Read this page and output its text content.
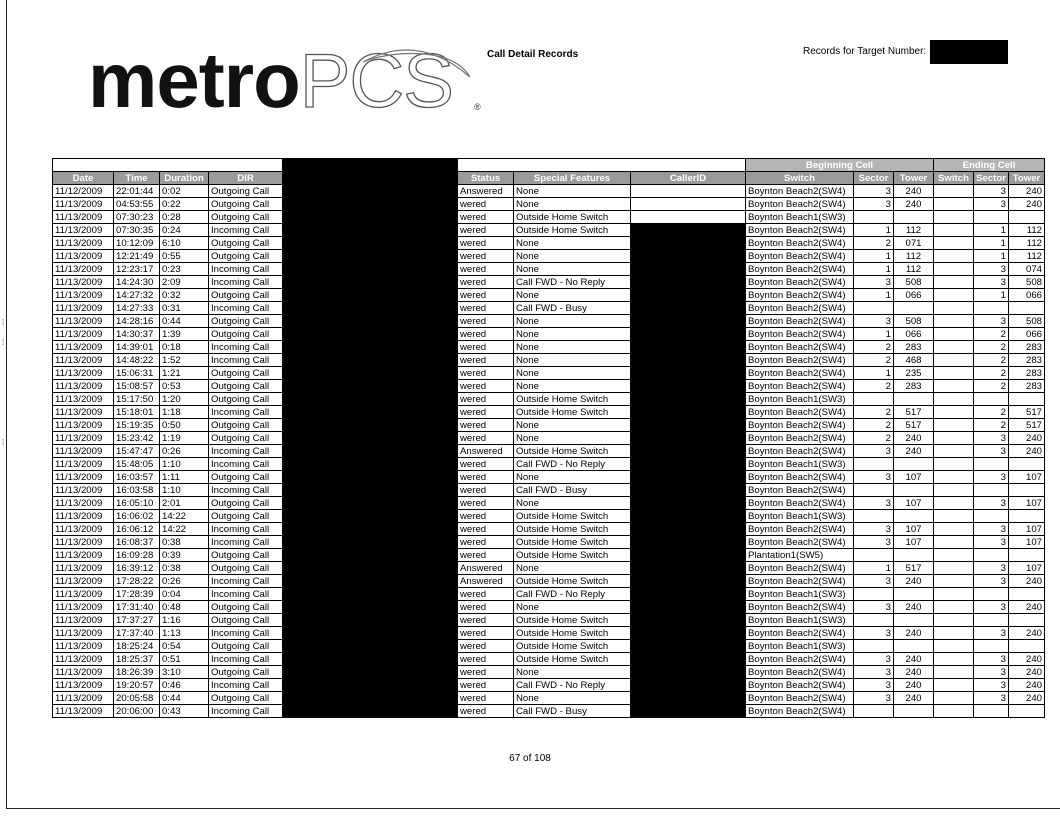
metroPCS ®
Call Detail Records	Records for Target Number:
⁞

⁞

⁞
								Beginning Cell			Ending Cell		
Date	Time	Duration	DIR		Status	Special Features	CallerID	Switch	Sector	Tower	Switch	Sector	Tower
11/12/2009	22:01:44	0:02	Outgoing Call		Answered	None		Boynton Beach2(SW4)	3	240		3	240
11/13/2009	04:53:55	0:22	Outgoing Call		wered	None		Boynton Beach2(SW4)	3	240		3	240
11/13/2009	07:30:23	0:28	Outgoing Call		wered	Outside Home Switch		Boynton Beach1(SW3)					
11/13/2009	07:30:35	0:24	Incoming Call		wered	Outside Home Switch		Boynton Beach2(SW4)	1	112		1	112
11/13/2009	10:12:09	6:10	Outgoing Call		wered	None		Boynton Beach2(SW4)	2	071		1	112
11/13/2009	12:21:49	0:55	Outgoing Call		wered	None		Boynton Beach2(SW4)	1	112		1	112
11/13/2009	12:23:17	0:23	Incoming Call		wered	None		Boynton Beach2(SW4)	1	112		3	074
11/13/2009	14:24:30	2:09	Incoming Call		wered	Call FWD - No Reply		Boynton Beach2(SW4)	3	508		3	508
11/13/2009	14:27:32	0:32	Outgoing Call		wered	None		Boynton Beach2(SW4)	1	066		1	066
11/13/2009	14:27:33	0:31	Incoming Call		wered	Call FWD - Busy		Boynton Beach2(SW4)					
11/13/2009	14:28:16	0:44	Outgoing Call		wered	None		Boynton Beach2(SW4)	3	508		3	508
11/13/2009	14:30:37	1:39	Outgoing Call		wered	None		Boynton Beach2(SW4)	1	066		2	066
11/13/2009	14:39:01	0:18	Incoming Call		wered	None		Boynton Beach2(SW4)	2	283		2	283
11/13/2009	14:48:22	1:52	Incoming Call		wered	None		Boynton Beach2(SW4)	2	468		2	283
11/13/2009	15:06:31	1:21	Outgoing Call		wered	None		Boynton Beach2(SW4)	1	235		2	283
11/13/2009	15:08:57	0:53	Outgoing Call		wered	None		Boynton Beach2(SW4)	2	283		2	283
11/13/2009	15:17:50	1:20	Outgoing Call		wered	Outside Home Switch		Boynton Beach1(SW3)					
11/13/2009	15:18:01	1:18	Incoming Call		wered	Outside Home Switch		Boynton Beach2(SW4)	2	517		2	517
11/13/2009	15:19:35	0:50	Outgoing Call		wered	None		Boynton Beach2(SW4)	2	517		2	517
11/13/2009	15:23:42	1:19	Outgoing Call		wered	None		Boynton Beach2(SW4)	2	240		3	240
11/13/2009	15:47:47	0:26	Incoming Call		Answered	Outside Home Switch		Boynton Beach2(SW4)	3	240		3	240
11/13/2009	15:48:05	1:10	Incoming Call		wered	Call FWD - No Reply		Boynton Beach1(SW3)					
11/13/2009	16:03:57	1:11	Outgoing Call		wered	None		Boynton Beach2(SW4)	3	107		3	107
11/13/2009	16:03:58	1:10	Incoming Call		wered	Call FWD - Busy		Boynton Beach2(SW4)					
11/13/2009	16:05:10	2:01	Outgoing Call		wered	None		Boynton Beach2(SW4)	3	107		3	107
11/13/2009	16:06:02	14:22	Outgoing Call		wered	Outside Home Switch		Boynton Beach1(SW3)					
11/13/2009	16:06:12	14:22	Incoming Call		wered	Outside Home Switch		Boynton Beach2(SW4)	3	107		3	107
11/13/2009	16:08:37	0:38	Incoming Call		wered	Outside Home Switch		Boynton Beach2(SW4)	3	107		3	107
11/13/2009	16:09:28	0:39	Outgoing Call		wered	Outside Home Switch		Plantation1(SW5)					
11/13/2009	16:39:12	0:38	Outgoing Call		Answered	None		Boynton Beach2(SW4)	1	517		3	107
11/13/2009	17:28:22	0:26	Incoming Call		Answered	Outside Home Switch		Boynton Beach2(SW4)	3	240		3	240
11/13/2009	17:28:39	0:04	Incoming Call		wered	Call FWD - No Reply		Boynton Beach1(SW3)					
11/13/2009	17:31:40	0:48	Outgoing Call		wered	None		Boynton Beach2(SW4)	3	240		3	240
11/13/2009	17:37:27	1:16	Outgoing Call		wered	Outside Home Switch		Boynton Beach1(SW3)					
11/13/2009	17:37:40	1:13	Incoming Call		wered	Outside Home Switch		Boynton Beach2(SW4)	3	240		3	240
11/13/2009	18:25:24	0:54	Outgoing Call		wered	Outside Home Switch		Boynton Beach1(SW3)					
11/13/2009	18:25:37	0:51	Incoming Call		wered	Outside Home Switch		Boynton Beach2(SW4)	3	240		3	240
11/13/2009	18:26:39	3:10	Outgoing Call		wered	None		Boynton Beach2(SW4)	3	240		3	240
11/13/2009	19:20:57	0:46	Incoming Call		wered	Call FWD - No Reply		Boynton Beach2(SW4)	3	240		3	240
11/13/2009	20:05:58	0:44	Outgoing Call		wered	None		Boynton Beach2(SW4)	3	240		3	240
11/13/2009	20:06:00	0:43	Incoming Call		wered	Call FWD - Busy		Boynton Beach2(SW4)					
67 of 108
